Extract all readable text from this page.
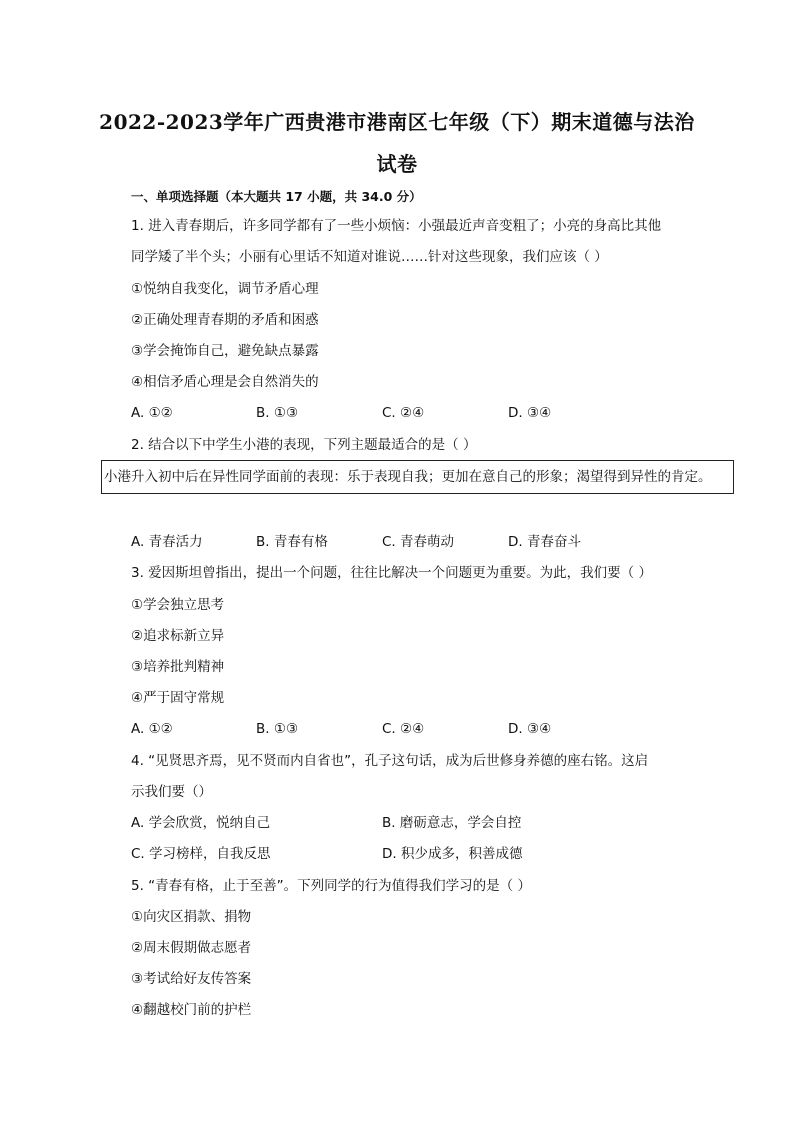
2022-2023学年广西贵港市港南区七年级（下）期末道德与法治
试卷
一、单项选择题（本大题共 17 小题，共 34.0 分）
1. 进入青春期后，许多同学都有了一些小烦恼：小强最近声音变粗了；小亮的身高比其他
同学矮了半个头；小丽有心里话不知道对谁说……针对这些现象，我们应该（ ）
①悦纳自我变化，调节矛盾心理
②正确处理青春期的矛盾和困惑
③学会掩饰自己，避免缺点暴露
④相信矛盾心理是会自然消失的
A. ①②	B. ①③	C. ②④	D. ③④
2. 结合以下中学生小港的表现，下列主题最适合的是（ ）
小港升入初中后在异性同学面前的表现：乐于表现自我；更加在意自己的形象；渴望得到异性的肯定。
A. 青春活力	B. 青春有格	C. 青春萌动	D. 青春奋斗
3. 爱因斯坦曾指出，提出一个问题，往往比解决一个问题更为重要。为此，我们要（ ）
①学会独立思考
②追求标新立异
③培养批判精神
④严于固守常规
A. ①②	B. ①③	C. ②④	D. ③④
4. “见贤思齐焉，见不贤而内自省也”，孔子这句话，成为后世修身养德的座右铭。这启
示我们要（）
A. 学会欣赏，悦纳自己	B. 磨砺意志，学会自控
C. 学习榜样，自我反思	D. 积少成多，积善成德
5. “青春有格，止于至善”。下列同学的行为值得我们学习的是（ ）
①向灾区捐款、捐物
②周末假期做志愿者
③考试给好友传答案
④翻越校门前的护栏
